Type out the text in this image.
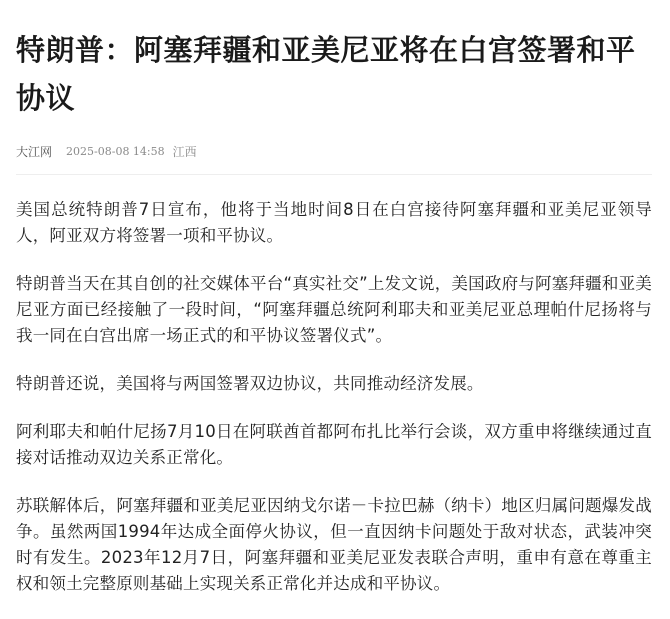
特朗普：阿塞拜疆和亚美尼亚将在白宫签署和平协议
大江网 2025-08-08 14:58 江西

美国总统特朗普7日宣布，他将于当地时间8日在白宫接待阿塞拜疆和亚美尼亚领导人，阿亚双方将签署一项和平协议。

特朗普当天在其自创的社交媒体平台“真实社交”上发文说，美国政府与阿塞拜疆和亚美尼亚方面已经接触了一段时间，“阿塞拜疆总统阿利耶夫和亚美尼亚总理帕什尼扬将与我一同在白宫出席一场正式的和平协议签署仪式”。

特朗普还说，美国将与两国签署双边协议，共同推动经济发展。

阿利耶夫和帕什尼扬7月10日在阿联酋首都阿布扎比举行会谈，双方重申将继续通过直接对话推动双边关系正常化。

苏联解体后，阿塞拜疆和亚美尼亚因纳戈尔诺－卡拉巴赫（纳卡）地区归属问题爆发战争。虽然两国1994年达成全面停火协议，但一直因纳卡问题处于敌对状态，武装冲突时有发生。2023年12月7日，阿塞拜疆和亚美尼亚发表联合声明，重申有意在尊重主权和领土完整原则基础上实现关系正常化并达成和平协议。
